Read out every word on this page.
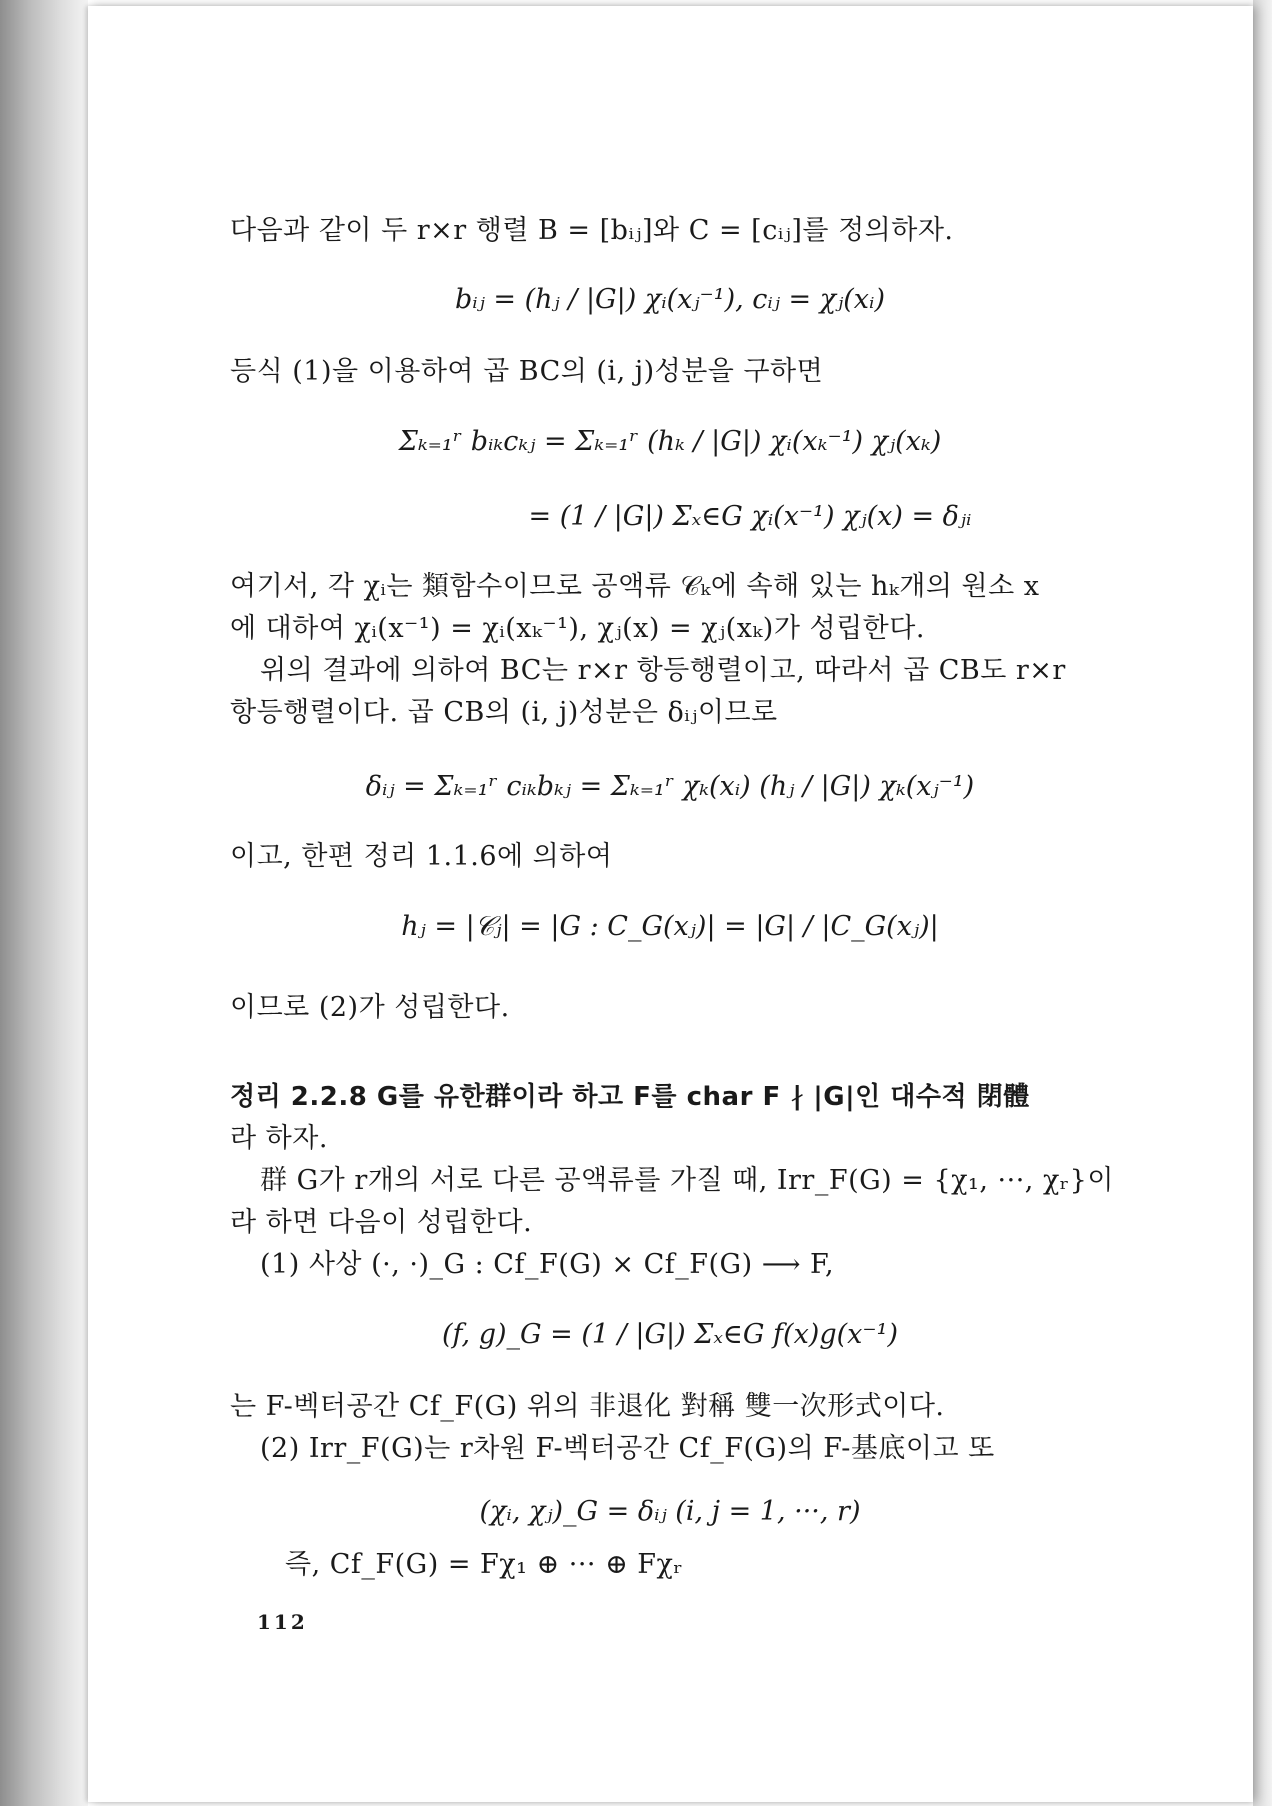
다음과 같이 두 r×r 행렬 B = [bᵢⱼ]와 C = [cᵢⱼ]를 정의하자.
bᵢⱼ = (hⱼ / |G|) χᵢ(xⱼ⁻¹), cᵢⱼ = χⱼ(xᵢ)
등식 (1)을 이용하여 곱 BC의 (i, j)성분을 구하면
Σₖ₌₁ʳ bᵢₖcₖⱼ = Σₖ₌₁ʳ (hₖ / |G|) χᵢ(xₖ⁻¹) χⱼ(xₖ)
= (1 / |G|) Σₓ∈G χᵢ(x⁻¹) χⱼ(x) = δⱼᵢ
여기서, 각 χᵢ는 類함수이므로 공액류 𝒞ₖ에 속해 있는 hₖ개의 원소 x
에 대하여 χᵢ(x⁻¹) = χᵢ(xₖ⁻¹), χⱼ(x) = χⱼ(xₖ)가 성립한다.
위의 결과에 의하여 BC는 r×r 항등행렬이고, 따라서 곱 CB도 r×r
항등행렬이다. 곱 CB의 (i, j)성분은 δᵢⱼ이므로
δᵢⱼ = Σₖ₌₁ʳ cᵢₖbₖⱼ = Σₖ₌₁ʳ χₖ(xᵢ) (hⱼ / |G|) χₖ(xⱼ⁻¹)
이고, 한편 정리 1.1.6에 의하여
hⱼ = |𝒞ⱼ| = |G : C_G(xⱼ)| = |G| / |C_G(xⱼ)|
이므로 (2)가 성립한다.
정리 2.2.8 G를 유한群이라 하고 F를 char F ∤ |G|인 대수적 閉體
라 하자.
群 G가 r개의 서로 다른 공액류를 가질 때, Irr_F(G) = {χ₁, ···, χᵣ}이
라 하면 다음이 성립한다.
(1) 사상 (·, ·)_G : Cf_F(G) × Cf_F(G) ⟶ F,
(f, g)_G = (1 / |G|) Σₓ∈G f(x)g(x⁻¹)
는 F-벡터공간 Cf_F(G) 위의 非退化 對稱 雙一次形式이다.
(2) Irr_F(G)는 r차원 F-벡터공간 Cf_F(G)의 F-基底이고 또
(χᵢ, χⱼ)_G = δᵢⱼ (i, j = 1, ···, r)
즉, Cf_F(G) = Fχ₁ ⊕ ··· ⊕ Fχᵣ
112
